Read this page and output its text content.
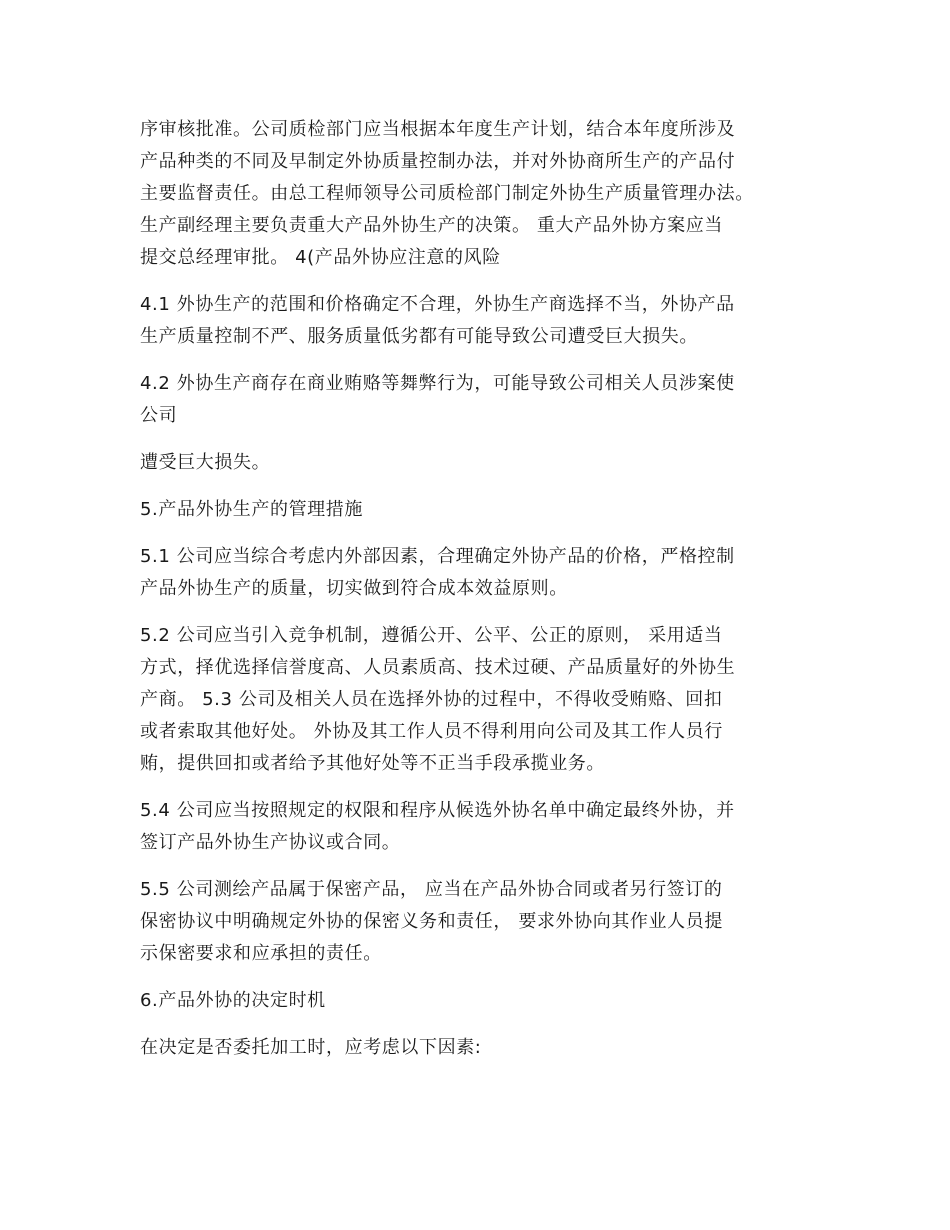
序审核批准。公司质检部门应当根据本年度生产计划，结合本年度所涉及
产品种类的不同及早制定外协质量控制办法，并对外协商所生产的产品付
主要监督责任。由总工程师领导公司质检部门制定外协生产质量管理办法。
生产副经理主要负责重大产品外协生产的决策。 重大产品外协方案应当
提交总经理审批。 4(产品外协应注意的风险

4.1 外协生产的范围和价格确定不合理，外协生产商选择不当，外协产品
生产质量控制不严、服务质量低劣都有可能导致公司遭受巨大损失。

4.2 外协生产商存在商业贿赂等舞弊行为，可能导致公司相关人员涉案使
公司

遭受巨大损失。

5.产品外协生产的管理措施

5.1 公司应当综合考虑内外部因素，合理确定外协产品的价格，严格控制
产品外协生产的质量，切实做到符合成本效益原则。

5.2 公司应当引入竞争机制，遵循公开、公平、公正的原则， 采用适当
方式，择优选择信誉度高、人员素质高、技术过硬、产品质量好的外协生
产商。 5.3 公司及相关人员在选择外协的过程中，不得收受贿赂、回扣
或者索取其他好处。 外协及其工作人员不得利用向公司及其工作人员行
贿，提供回扣或者给予其他好处等不正当手段承揽业务。

5.4 公司应当按照规定的权限和程序从候选外协名单中确定最终外协，并
签订产品外协生产协议或合同。

5.5 公司测绘产品属于保密产品， 应当在产品外协合同或者另行签订的
保密协议中明确规定外协的保密义务和责任， 要求外协向其作业人员提
示保密要求和应承担的责任。

6.产品外协的决定时机

在决定是否委托加工时，应考虑以下因素:
